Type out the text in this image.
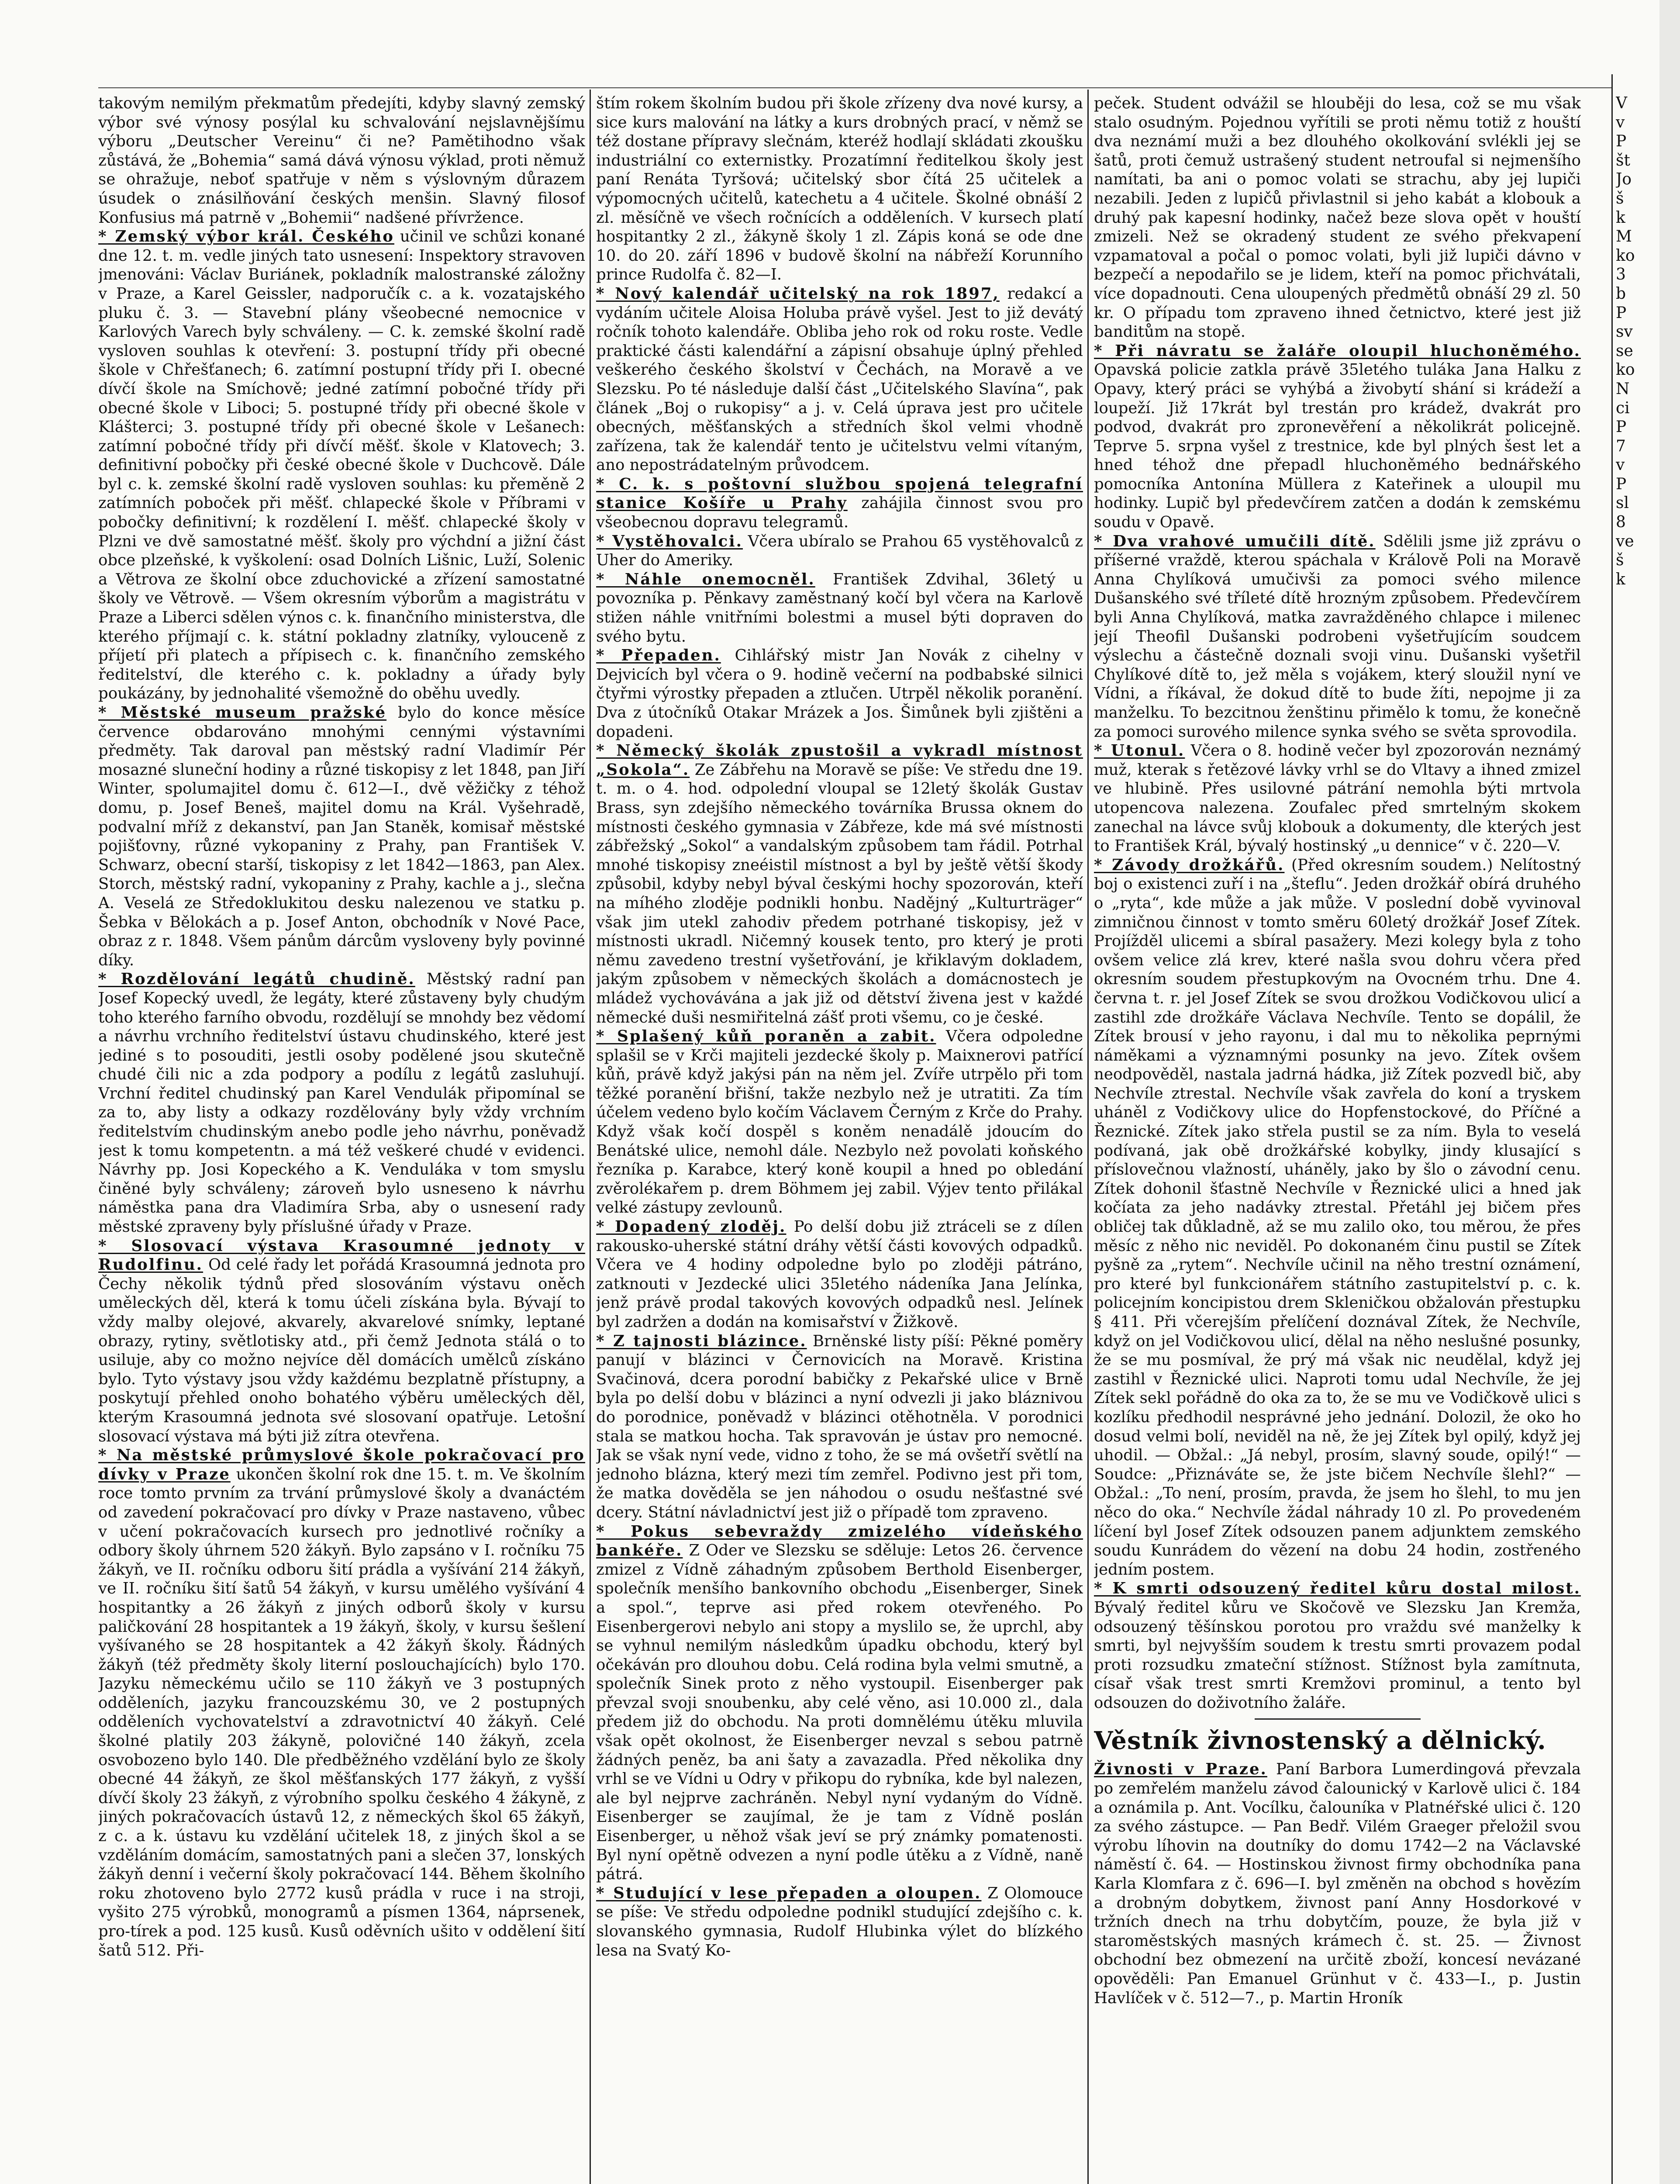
takovým nemilým překmatům předejíti, kdyby slavný zemský výbor své výnosy posýlal ku schvalování nejslavnějšímu výboru „Deutscher Vereinu“ či ne? Pamětihodno však zůstává, že „Bohemia“ samá dává výnosu výklad, proti němuž se ohražuje, neboť spatřuje v něm s výslovným důrazem úsudek o znásilňování českých menšin. Slavný filosof Konfusius má patrně v „Bohemii“ nadšené přívržence.

* Zemský výbor král. Českého učinil ve schůzi konané dne 12. t. m. vedle jiných tato usnesení: Inspektory stravoven jmenováni: Václav Buriánek, pokladník malostranské záložny v Praze, a Karel Geissler, nadporučík c. a k. vozatajského pluku č. 3. — Stavební plány všeobecné nemocnice v Karlových Varech byly schváleny. — C. k. zemské školní radě vysloven souhlas k otevření: 3. postupní třídy při obecné škole v Chřešťanech; 6. zatímní postupní třídy při I. obecné dívčí škole na Smíchově; jedné zatímní pobočné třídy při obecné škole v Liboci; 5. postupné třídy při obecné škole v Klášterci; 3. postupné třídy při obecné škole v Lešanech: zatímní pobočné třídy při dívčí měšť. škole v Klatovech; 3. definitivní pobočky při české obecné škole v Duchcově. Dále byl c. k. zemské školní radě vysloven souhlas: ku přeměně 2 zatímních poboček při měšť. chlapecké škole v Příbrami v pobočky definitivní; k rozdělení I. měšť. chlapecké školy v Plzni ve dvě samostatné měšť. školy pro výchdní a jižní část obce plzeňské, k vyškolení: osad Dolních Lišnic, Luží, Solenic a Větrova ze školní obce zduchovické a zřízení samostatné školy ve Větrově. — Všem okresním výborům a magistrátu v Praze a Liberci sdělen výnos c. k. finančního ministerstva, dle kterého příjmají c. k. státní pokladny zlatníky, vylouceně z příjetí při platech a přípisech c. k. finančního zemského ředitelství, dle kterého c. k. pokladny a úřady byly poukázány, by jednohalité všemožně do oběhu uvedly.

* Městské museum pražské bylo do konce měsíce července obdarováno mnohými cennými výstavními předměty. Tak daroval pan městský radní Vladimír Pér mosazné sluneční hodiny a různé tiskopisy z let 1848, pan Jiří Winter, spolumajitel domu č. 612—I., dvě věžičky z téhož domu, p. Josef Beneš, majitel domu na Král. Vyšehradě, podvalní mříž z dekanství, pan Jan Staněk, komisař městské pojišťovny, různé vykopaniny z Prahy, pan František V. Schwarz, obecní starší, tiskopisy z let 1842—1863, pan Alex. Storch, městský radní, vykopaniny z Prahy, kachle a j., slečna A. Veselá ze Středoklukitou desku nalezenou ve statku p. Šebka v Bělokách a p. Josef Anton, obchodník v Nové Pace, obraz z r. 1848. Všem pánům dárcům vysloveny byly povinné díky.

* Rozdělování legátů chudině. Městský radní pan Josef Kopecký uvedl, že legáty, které zůstaveny byly chudým toho kterého farního obvodu, rozdělují se mnohdy bez vědomí a návrhu vrchního ředitelství ústavu chudinského, které jest jediné s to posouditi, jestli osoby podělené jsou skutečně chudé čili nic a zda podpory a podílu z legátů zasluhují. Vrchní ředitel chudinský pan Karel Vendulák připomínal se za to, aby listy a odkazy rozdělovány byly vždy vrchním ředitelstvím chudinským anebo podle jeho návrhu, poněvadž jest k tomu kompetentn. a má též veškeré chudé v evidenci. Návrhy pp. Josi Kopeckého a K. Venduláka v tom smyslu činěné byly schváleny; zároveň bylo usneseno k návrhu náměstka pana dra Vladimíra Srba, aby o usnesení rady městské zpraveny byly příslušné úřady v Praze.

* Slosovací výstava Krasoumné jednoty v Rudolfinu. Od celé řady let pořádá Krasoumná jednota pro Čechy několik týdnů před slosováním výstavu oněch uměleckých děl, která k tomu účeli získána byla. Bývají to vždy malby olejové, akvarely, akvarelové snímky, leptané obrazy, rytiny, světlotisky atd., při čemž Jednota stálá o to usiluje, aby co možno nejvíce děl domácích umělců získáno bylo. Tyto výstavy jsou vždy každému bezplatně přístupny, a poskytují přehled onoho bohatého výběru uměleckých děl, kterým Krasoumná jednota své slosovaní opatřuje. Letošní slosovací výstava má býti již zítra otevřena.

* Na městské průmyslové škole pokračovací pro dívky v Praze ukončen školní rok dne 15. t. m. Ve školním roce tomto prvním za trvání průmyslové školy a dvanáctém od zavedení pokračovací pro dívky v Praze nastaveno, vůbec v učení pokračovacích kursech pro jednotlivé ročníky a odbory školy úhrnem 520 žákyň. Bylo zapsáno v I. ročníku 75 žákyň, ve II. ročníku odboru šití prádla a vyšívání 214 žákyň, ve II. ročníku šití šatů 54 žákyň, v kursu umělého vyšívání 4 hospitantky a 26 žákyň z jiných odborů školy v kursu paličkování 28 hospitantek a 19 žákyň, školy, v kursu šešlení vyšívaného se 28 hospitantek a 42 žákyň školy. Řádných žákyň (též předměty školy literní poslouchajících) bylo 170. Jazyku německému učilo se 110 žákyň ve 3 postupných odděleních, jazyku francouzskému 30, ve 2 postupných odděleních vychovatelství a zdravotnictví 40 žákyň. Celé školné platily 203 žákyně, polovičné 140 žákyň, zcela osvobozeno bylo 140. Dle předběžného vzdělání bylo ze školy obecné 44 žákyň, ze škol měšťanských 177 žákyň, z vyšší dívčí školy 23 žákyň, z výrobního spolku českého 4 žákyně, z jiných pokračovacích ústavů 12, z německých škol 65 žákyň, z c. a k. ústavu ku vzdělání učitelek 18, z jiných škol a se vzděláním domácím, samostatných pani a slečen 37, lonských žákyň denní i večerní školy pokračovací 144. Během školního roku zhotoveno bylo 2772 kusů prádla v ruce i na stroji, vyšito 275 výrobků, monogramů a písmen 1364, náprsenek, pro-tírek a pod. 125 kusů. Kusů oděvních ušito v oddělení šití šatů 512. Při-

štím rokem školním budou při škole zřízeny dva nové kursy, a sice kurs malování na látky a kurs drobných prací, v němž se též dostane přípravy slečnám, kteréž hodlají skládati zkoušku industriální co externistky. Prozatímní ředitelkou školy jest paní Renáta Tyršová; učitelský sbor čítá 25 učitelek a výpomocných učitelů, katechetu a 4 učitele. Školné obnáší 2 zl. měsíčně ve všech ročnících a odděleních. V kursech platí hospitantky 2 zl., žákyně školy 1 zl. Zápis koná se ode dne 10. do 20. září 1896 v budově školní na nábřeží Korunního prince Rudolfa č. 82—I.

* Nový kalendář učitelský na rok 1897, redakcí a vydáním učitele Aloisa Holuba právě vyšel. Jest to již devátý ročník tohoto kalendáře. Obliba jeho rok od roku roste. Vedle praktické části kalendářní a zápisní obsahuje úplný přehled veškerého českého školství v Čechách, na Moravě a ve Slezsku. Po té následuje další část „Učitelského Slavína“, pak článek „Boj o rukopisy“ a j. v. Celá úprava jest pro učitele obecných, měšťanských a středních škol velmi vhodně zařízena, tak že kalendář tento je učitelstvu velmi vítaným, ano nepostrádatelným průvodcem.

* C. k. s poštovní službou spojená telegrafní stanice Košíře u Prahy zahájila činnost svou pro všeobecnou dopravu telegramů.

* Vystěhovalci. Včera ubíralo se Prahou 65 vystěhovalců z Uher do Ameriky.

* Náhle onemocněl. František Zdvihal, 36letý u povozníka p. Pěnkavy zaměstnaný kočí byl včera na Karlově stižen náhle vnitřními bolestmi a musel býti dopraven do svého bytu.

* Přepaden. Cihlářský mistr Jan Novák z cihelny v Dejvicích byl včera o 9. hodině večerní na podbabské silnici čtyřmi výrostky přepaden a ztlučen. Utrpěl několik poranění. Dva z útočníků Otakar Mrázek a Jos. Šimůnek byli zjištěni a dopadeni.

* Německý školák zpustošil a vykradl místnost „Sokola“. Ze Zábřehu na Moravě se píše: Ve středu dne 19. t. m. o 4. hod. odpolední vloupal se 12letý školák Gustav Brass, syn zdejšího německého továrníka Brussa oknem do místnosti českého gymnasia v Zábřeze, kde má své místnosti zábřežský „Sokol“ a vandalským způsobem tam řádil. Potrhal mnohé tiskopisy zneéistil místnost a byl by ještě větší škody způsobil, kdyby nebyl býval českými hochy spozorován, kteří na míhého zloděje podnikli honbu. Nadějný „Kulturträger“ však jim utekl zahodiv předem potrhané tiskopisy, jež v místnosti ukradl. Ničemný kousek tento, pro který je proti němu zavedeno trestní vyšetřování, je křiklavým dokladem, jakým způsobem v německých školách a domácnostech je mládež vychovávána a jak již od dětství živena jest v každé německé duši nesmiřitelná zášť proti všemu, co je české.

* Splašený kůň poraněn a zabit. Včera odpoledne splašil se v Krči majiteli jezdecké školy p. Maixnerovi patřící kůň, právě když jakýsi pán na něm jel. Zvíře utrpělo při tom těžké poranění břišní, takže nezbylo než je utratiti. Za tím účelem vedeno bylo kočím Václavem Černým z Krče do Prahy. Když však kočí dospěl s koněm nenadálě jdoucím do Benátské ulice, nemohl dále. Nezbylo než povolati koňského řezníka p. Karabce, který koně koupil a hned po obledání zvěrolékařem p. drem Böhmem jej zabil. Výjev tento přilákal velké zástupy zevlounů.

* Dopadený zloděj. Po delší dobu již ztráceli se z dílen rakousko-uherské státní dráhy větší části kovových odpadků. Včera ve 4 hodiny odpoledne bylo po zloději pátráno, zatknouti v Jezdecké ulici 35letého nádeníka Jana Jelínka, jenž právě prodal takových kovových odpadků nesl. Jelínek byl zadržen a dodán na komisařství v Žižkově.

* Z tajnosti blázince. Brněnské listy píší: Pěkné poměry panují v blázinci v Černovicích na Moravě. Kristina Svačinová, dcera porodní babičky z Pekařské ulice v Brně byla po delší dobu v blázinci a nyní odvezli ji jako bláznivou do porodnice, poněvadž v blázinci otěhotněla. V porodnici stala se matkou hocha. Tak spravován je ústav pro nemocné. Jak se však nyní vede, vidno z toho, že se má ovšetří světlí na jednoho blázna, který mezi tím zemřel. Podivno jest při tom, že matka dověděla se jen náhodou o osudu nešťastné své dcery. Státní návladnictví jest již o případě tom zpraveno.

* Pokus sebevraždy zmizelého vídeňského bankéře. Z Oder ve Slezsku se sděluje: Letos 26. července zmizel z Vídně záhadným způsobem Berthold Eisenberger, společník menšího bankovního obchodu „Eisenberger, Sinek a spol.“, teprve asi před rokem otevřeného. Po Eisenbergerovi nebylo ani stopy a myslilo se, že uprchl, aby se vyhnul nemilým následkům úpadku obchodu, který byl očekáván pro dlouhou dobu. Celá rodina byla velmi smutně, a společník Sinek proto z něho vystoupil. Eisenberger pak převzal svoji snoubenku, aby celé věno, asi 10.000 zl., dala předem již do obchodu. Na proti domnělému útěku mluvila však opět okolnost, že Eisenberger nevzal s sebou patrně žádných peněz, ba ani šaty a zavazadla. Před několika dny vrhl se ve Vídni u Odry v přikopu do rybníka, kde byl nalezen, ale byl nejprve zachráněn. Nebyl nyní vydaným do Vídně. Eisenberger se zaujímal, že je tam z Vídně poslán Eisenberger, u něhož však jeví se prý známky pomatenosti. Byl nyní opětně odvezen a nyní podle útěku a z Vídně, naně pátrá.

* Studující v lese přepaden a oloupen. Z Olomouce se píše: Ve středu odpoledne podnikl studující zdejšího c. k. slovanského gymnasia, Rudolf Hlubinka výlet do blízkého lesa na Svatý Ko-

peček. Student odvážil se hlouběji do lesa, což se mu však stalo osudným. Pojednou vyřítili se proti němu totiž z houští dva neznámí muži a bez dlouhého okolkování svlékli jej se šatů, proti čemuž ustrašený student netroufal si nejmenšího namítati, ba ani o pomoc volati se strachu, aby jej lupiči nezabili. Jeden z lupičů přivlastnil si jeho kabát a klobouk a druhý pak kapesní hodinky, načež beze slova opět v houští zmizeli. Než se okradený student ze svého překvapení vzpamatoval a počal o pomoc volati, byli již lupiči dávno v bezpečí a nepodařilo se je lidem, kteří na pomoc přichvátali, více dopadnouti. Cena uloupených předmětů obnáší 29 zl. 50 kr. O případu tom zpraveno ihned četnictvo, které jest již banditům na stopě.

* Při návratu se žaláře oloupil hluchoněmého. Opavská policie zatkla právě 35letého tuláka Jana Halku z Opavy, který práci se vyhýbá a živobytí shání si krádeží a loupeží. Již 17krát byl trestán pro krádež, dvakrát pro podvod, dvakrát pro zpronevěření a několikrát policejně. Teprve 5. srpna vyšel z trestnice, kde byl plných šest let a hned téhož dne přepadl hluchoněmého bednářského pomocníka Antonína Müllera z Kateřinek a uloupil mu hodinky. Lupič byl předevčírem zatčen a dodán k zemskému soudu v Opavě.

* Dva vrahové umučili dítě. Sdělili jsme již zprávu o příšerné vraždě, kterou spáchala v Králově Poli na Moravě Anna Chylíková umučivši za pomoci svého milence Dušanského své tříleté dítě hrozným způsobem. Předevčírem byli Anna Chylíková, matka zavražděného chlapce i milenec její Theofil Dušanski podrobeni vyšetřujícím soudcem výslechu a částečně doznali svoji vinu. Dušanski vyšetřil Chylíkové dítě to, jež měla s vojákem, který sloužil nyní ve Vídni, a říkával, že dokud dítě to bude žíti, nepojme ji za manželku. To bezcitnou ženštinu přimělo k tomu, že konečně za pomoci surového milence synka svého se světa sprovodila.

* Utonul. Včera o 8. hodině večer byl zpozorován neznámý muž, kterak s řetězové lávky vrhl se do Vltavy a ihned zmizel ve hlubině. Přes usilovné pátrání nemohla býti mrtvola utopencova nalezena. Zoufalec před smrtelným skokem zanechal na lávce svůj klobouk a dokumenty, dle kterých jest to František Král, bývalý hostinský „u dennice“ v č. 220—V.

* Závody drožkářů. (Před okresním soudem.) Nelítostný boj o existenci zuří i na „šteflu“. Jeden drožkář obírá druhého o „ryta“, kde může a jak může. V poslední době vyvinoval zimničnou činnost v tomto směru 60letý drožkář Josef Zítek. Projížděl ulicemi a sbíral pasažery. Mezi kolegy byla z toho ovšem velice zlá krev, které našla svou dohru včera před okresním soudem přestupkovým na Ovocném trhu. Dne 4. června t. r. jel Josef Zítek se svou drožkou Vodičkovou ulicí a zastihl zde drožkáře Václava Nechvíle. Tento se dopálil, že Zítek brousí v jeho rayonu, i dal mu to několika peprnými náměkami a významnými posunky na jevo. Zítek ovšem neodpověděl, nastala jadrná hádka, již Zítek pozvedl bič, aby Nechvíle ztrestal. Nechvíle však zavřela do koní a tryskem uháněl z Vodičkovy ulice do Hopfenstockové, do Příčné a Řeznické. Zítek jako střela pustil se za ním. Byla to veselá podívaná, jak obě drožkářské kobylky, jindy klusající s příslovečnou vlažností, uháněly, jako by šlo o závodní cenu. Zítek dohonil šťastně Nechvíle v Řeznické ulici a hned jak kočíata za jeho nadávky ztrestal. Přetáhl jej bičem přes obličej tak důkladně, až se mu zalilo oko, tou měrou, že přes měsíc z něho nic neviděl. Po dokonaném činu pustil se Zítek pyšně za „rytem“. Nechvíle učinil na něho trestní oznámení, pro které byl funkcionářem státního zastupitelství p. c. k. policejním koncipistou drem Skleničkou obžalován přestupku § 411. Při včerejším přelíčení doznával Zítek, že Nechvíle, když on jel Vodičkovou ulicí, dělal na něho neslušné posunky, že se mu posmíval, že prý má však nic neudělal, když jej zastihl v Řeznické ulici. Naproti tomu udal Nechvíle, že jej Zítek sekl pořádně do oka za to, že se mu ve Vodičkově ulici s kozlíku předhodil nesprávné jeho jednání. Dolozil, že oko ho dosud velmi bolí, neviděl na ně, že jej Zítek byl opilý, když jej uhodil. — Obžal.: „Já nebyl, prosím, slavný soude, opilý!“ — Soudce: „Přiznáváte se, že jste bičem Nechvíle šlehl?“ — Obžal.: „To není, prosím, pravda, že jsem ho šlehl, to mu jen něco do oka.“ Nechvíle žádal náhrady 10 zl. Po provedeném líčení byl Josef Zítek odsouzen panem adjunktem zemského soudu Kunrádem do vězení na dobu 24 hodin, zostřeného jedním postem.

* K smrti odsouzený ředitel kůru dostal milost. Bývalý ředitel kůru ve Skočově ve Slezsku Jan Kremža, odsouzený těšínskou porotou pro vraždu své manželky k smrti, byl nejvyšším soudem k trestu smrti provazem podal proti rozsudku zmateční stížnost. Stížnost byla zamítnuta, císař však trest smrti Kremžovi prominul, a tento byl odsouzen do doživotního žaláře.

Věstník živnostenský a dělnický.

Živnosti v Praze. Paní Barbora Lumerdingová převzala po zemřelém manželu závod čalounický v Karlově ulici č. 184 a oznámila p. Ant. Vocílku, čalouníka v Platnéřské ulici č. 120 za svého zástupce. — Pan Bedř. Vilém Graeger přeložil svou výrobu líhovin na doutníky do domu 1742—2 na Václavské náměstí č. 64. — Hostinskou živnost firmy obchodníka pana Karla Klomfara z č. 696—I. byl změněn na obchod s hovězím a drobným dobytkem, živnost paní Anny Hosdorkové v tržních dnech na trhu dobytčím, pouze, že byla již v staroměstských masných krámech č. st. 25. — Živnost obchodní bez obmezení na určitě zboží, koncesí nevázané opověděli: Pan Emanuel Grünhut v č. 433—I., p. Justin Havlíček v č. 512—7., p. Martin Hroník

V
v
P
št
Jo
š
k
M
ko
3
b
P
sv
se
ko
N
ci
P
7
v
P
sl
8
ve
š
k
